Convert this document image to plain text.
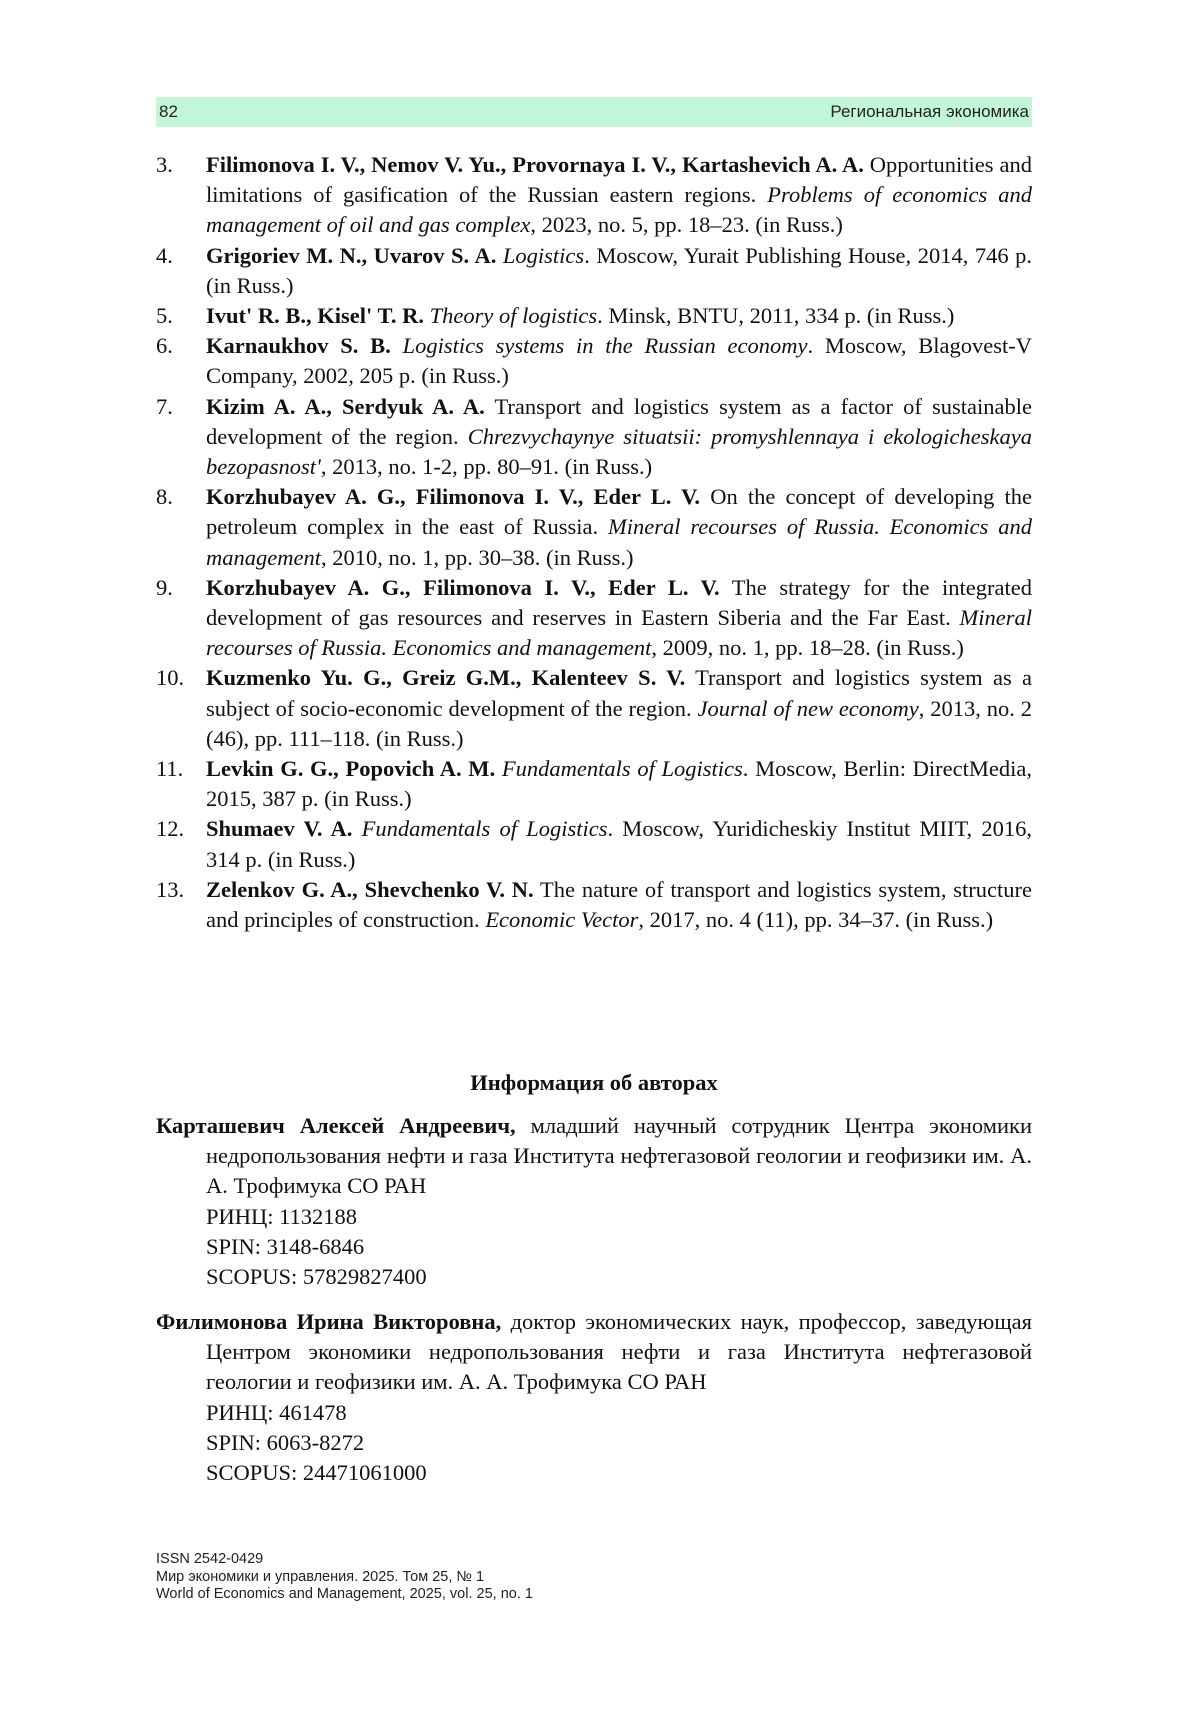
82	Региональная экономика
3. Filimonova I. V., Nemov V. Yu., Provornaya I. V., Kartashevich A. A. Opportunities and limitations of gasification of the Russian eastern regions. Problems of economics and management of oil and gas complex, 2023, no. 5, pp. 18–23. (in Russ.)
4. Grigoriev M. N., Uvarov S. A. Logistics. Moscow, Yurait Publishing House, 2014, 746 p. (in Russ.)
5. Ivut' R. B., Kisel' T. R. Theory of logistics. Minsk, BNTU, 2011, 334 p. (in Russ.)
6. Karnaukhov S. B. Logistics systems in the Russian economy. Moscow, Blagovest-V Company, 2002, 205 p. (in Russ.)
7. Kizim A. A., Serdyuk A. A. Transport and logistics system as a factor of sustainable development of the region. Chrezvychaynye situatsii: promyshlennaya i ekologicheskaya bezopasnost', 2013, no. 1-2, pp. 80–91. (in Russ.)
8. Korzhubayev A. G., Filimonova I. V., Eder L. V. On the concept of developing the petroleum complex in the east of Russia. Mineral recourses of Russia. Economics and management, 2010, no. 1, pp. 30–38. (in Russ.)
9. Korzhubayev A. G., Filimonova I. V., Eder L. V. The strategy for the integrated development of gas resources and reserves in Eastern Siberia and the Far East. Mineral recourses of Russia. Economics and management, 2009, no. 1, pp. 18–28. (in Russ.)
10. Kuzmenko Yu. G., Greiz G.M., Kalenteev S. V. Transport and logistics system as a subject of socio-economic development of the region. Journal of new economy, 2013, no. 2 (46), pp. 111–118. (in Russ.)
11. Levkin G. G., Popovich A. M. Fundamentals of Logistics. Moscow, Berlin: DirectMedia, 2015, 387 p. (in Russ.)
12. Shumaev V. A. Fundamentals of Logistics. Moscow, Yuridicheskiy Institut MIIT, 2016, 314 p. (in Russ.)
13. Zelenkov G. A., Shevchenko V. N. The nature of transport and logistics system, structure and principles of construction. Economic Vector, 2017, no. 4 (11), pp. 34–37. (in Russ.)
Информация об авторах

Карташевич Алексей Андреевич, младший научный сотрудник Центра экономики недропользования нефти и газа Института нефтегазовой геологии и геофизики им. А. А. Трофимука СО РАН

РИНЦ: 1132188
SPIN: 3148-6846
SCOPUS: 57829827400

Филимонова Ирина Викторовна, доктор экономических наук, профессор, заведующая Центром экономики недропользования нефти и газа Института нефтегазовой геологии и геофизики им. А. А. Трофимука СО РАН

РИНЦ: 461478
SPIN: 6063-8272
SCOPUS: 24471061000
ISSN 2542-0429
Мир экономики и управления. 2025. Том 25, № 1
World of Economics and Management, 2025, vol. 25, no. 1
